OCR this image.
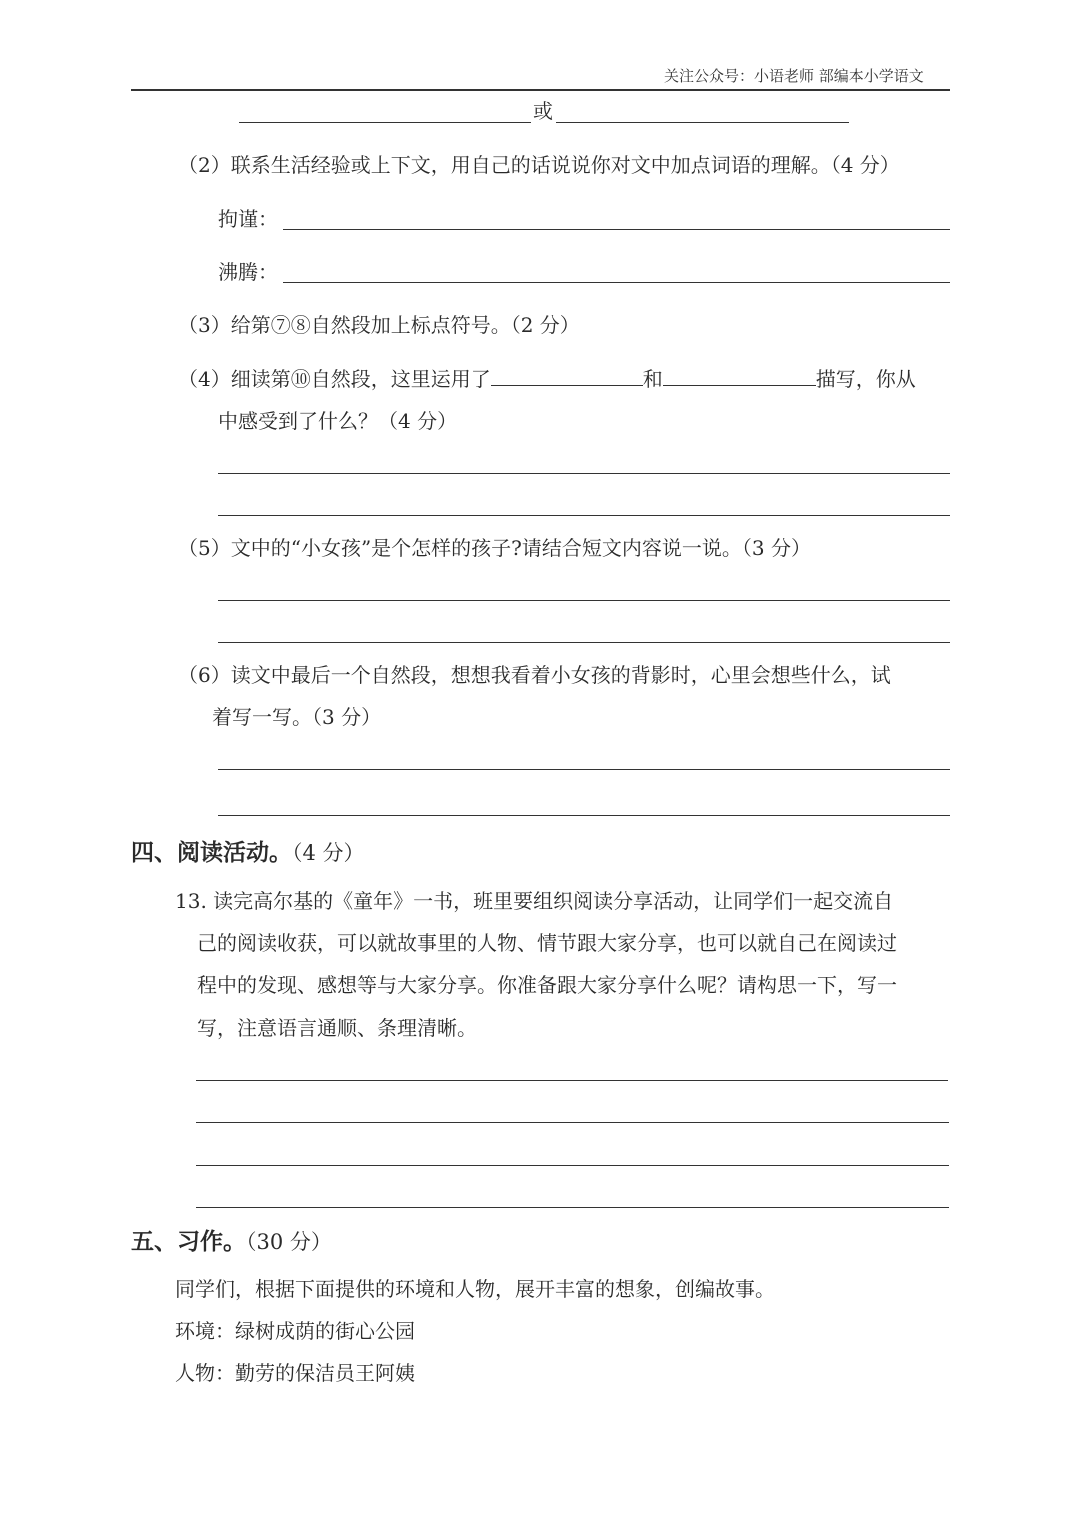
关注公众号：小语老师 部编本小学语文
或
（2）联系生活经验或上下文，用自己的话说说你对文中加点词语的理解。（4 分）
拘谨：
沸腾：
（3）给第⑦⑧自然段加上标点符号。（2 分）
（4）细读第⑩自然段，这里运用了	和	描写，你从
中感受到了什么？（4 分）
（5）文中的“小女孩”是个怎样的孩子?请结合短文内容说一说。（3 分）
（6）读文中最后一个自然段，想想我看着小女孩的背影时，心里会想些什么，试
着写一写。（3 分）
四、阅读活动。（4 分）
13. 读完高尔基的《童年》一书，班里要组织阅读分享活动，让同学们一起交流自
己的阅读收获，可以就故事里的人物、情节跟大家分享，也可以就自己在阅读过
程中的发现、感想等与大家分享。你准备跟大家分享什么呢？请构思一下，写一
写，注意语言通顺、条理清晰。
五、习作。（30 分）
同学们，根据下面提供的环境和人物，展开丰富的想象，创编故事。
环境：绿树成荫的街心公园
人物：勤劳的保洁员王阿姨
